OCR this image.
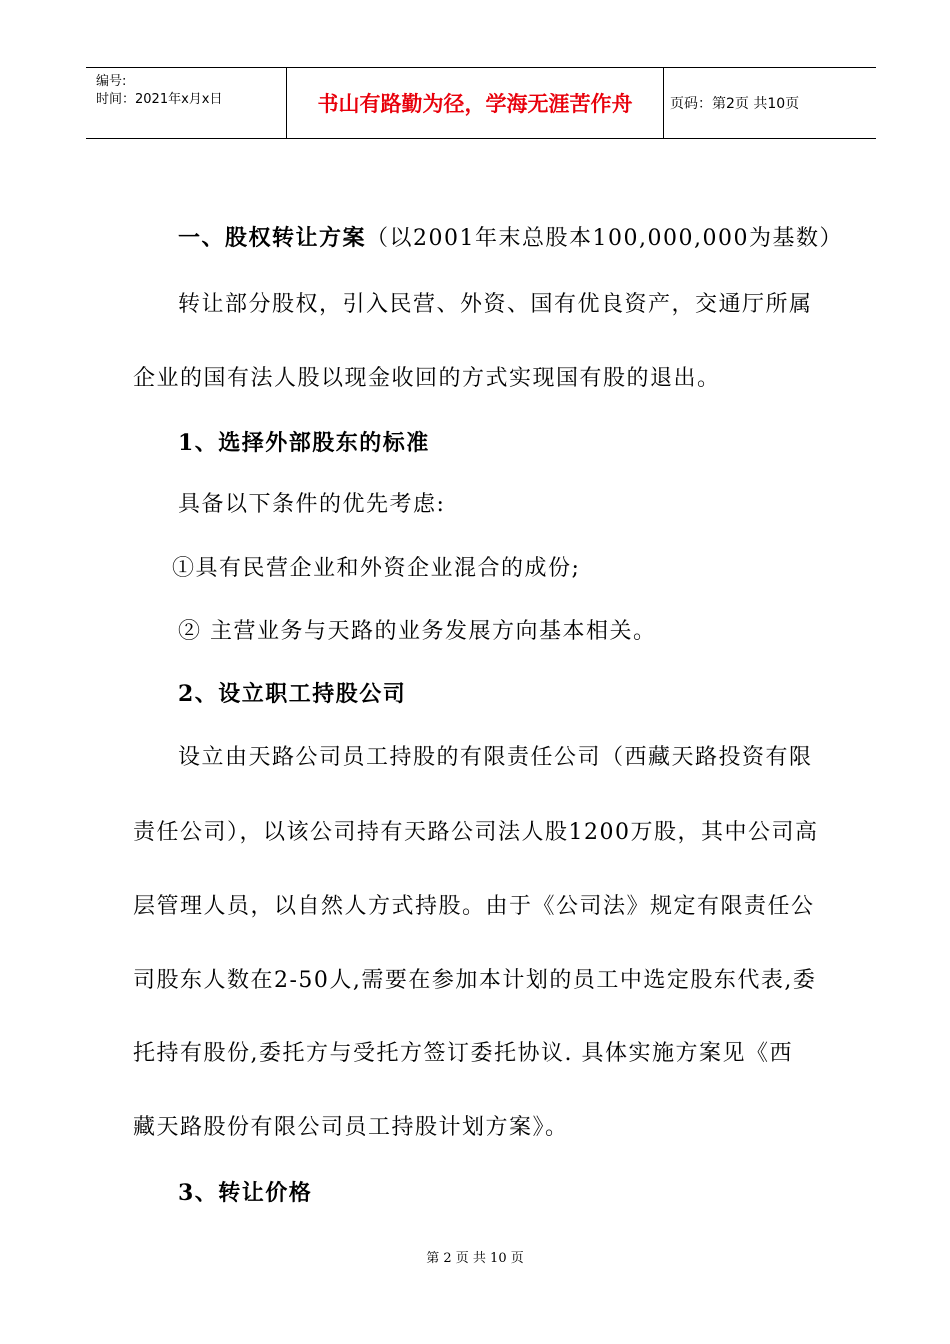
编号:
时间：2021年x月x日	书山有路勤为径，学海无涯苦作舟	页码：第2页 共10页
一、股权转让方案（以2001年末总股本100,000,000为基数）
转让部分股权，引入民营、外资、国有优良资产，交通厅所属
企业的国有法人股以现金收回的方式实现国有股的退出。
1、选择外部股东的标准
具备以下条件的优先考虑:
①具有民营企业和外资企业混合的成份;
② 主营业务与天路的业务发展方向基本相关。
2、设立职工持股公司
设立由天路公司员工持股的有限责任公司（西藏天路投资有限
责任公司），以该公司持有天路公司法人股1200万股，其中公司高
层管理人员，以自然人方式持股。由于《公司法》规定有限责任公
司股东人数在2-50人,需要在参加本计划的员工中选定股东代表,委
托持有股份,委托方与受托方签订委托协议. 具体实施方案见《西
藏天路股份有限公司员工持股计划方案》。
3、转让价格
第 2 页 共 10 页
